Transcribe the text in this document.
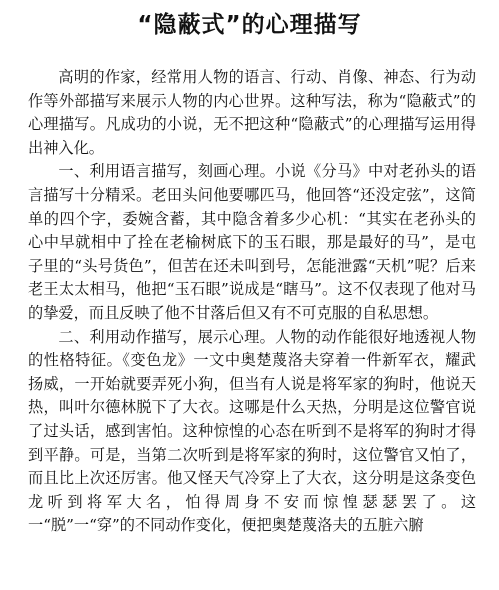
“隐蔽式”的心理描写

高明的作家，经常用人物的语言、行动、肖像、神态、行为动作等外部描写来展示人物的内心世界。这种写法，称为“隐蔽式”的心理描写。凡成功的小说，无不把这种“隐蔽式”的心理描写运用得出神入化。

一、利用语言描写，刻画心理。小说《分马》中对老孙头的语言描写十分精采。老田头问他要哪匹马，他回答“还没定弦”，这简单的四个字，委婉含蓄，其中隐含着多少心机：“其实在老孙头的心中早就相中了拴在老榆树底下的玉石眼，那是最好的马”，是屯子里的“头号货色”，但苦在还未叫到号，怎能泄露“天机”呢？后来老王太太相马，他把“玉石眼”说成是“瞎马”。这不仅表现了他对马的挚爱，而且反映了他不甘落后但又有不可克服的自私思想。

二、利用动作描写，展示心理。人物的动作能很好地透视人物的性格特征。《变色龙》一文中奥楚蔑洛夫穿着一件新军衣，耀武扬威，一开始就要弄死小狗，但当有人说是将军家的狗时，他说天热，叫叶尔德林脱下了大衣。这哪是什么天热，分明是这位警官说了过头话，感到害怕。这种惊惶的心态在听到不是将军的狗时才得到平静。可是，当第二次听到是将军家的狗时，这位警官又怕了，而且比上次还厉害。他又怪天气冷穿上了大衣，这分明是这条变色龙听到将军大名，怕得周身不安而惊惶瑟瑟罢了。这一“脱”一“穿”的不同动作变化，便把奥楚蔑洛夫的五脏六腑
